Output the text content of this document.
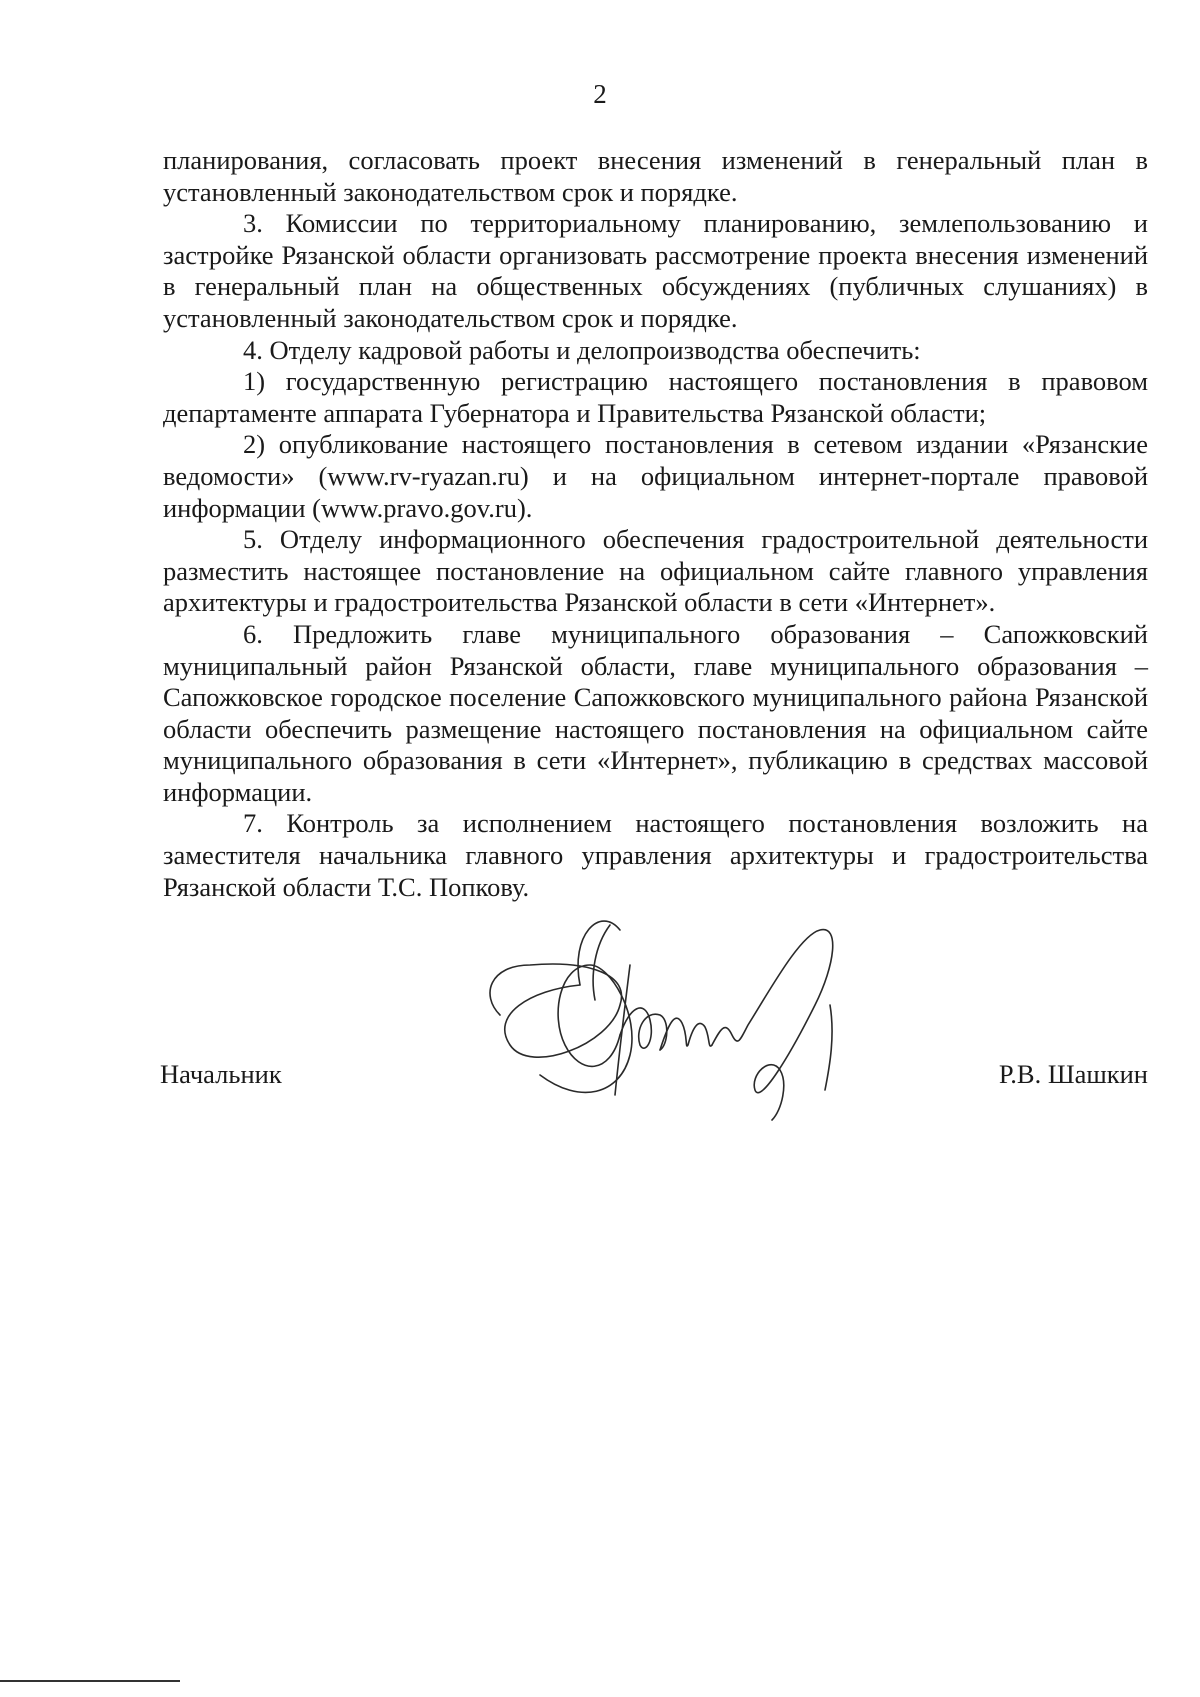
2

планирования, согласовать проект внесения изменений в генеральный план в установленный законодательством срок и порядке.

3. Комиссии по территориальному планированию, землепользованию и застройке Рязанской области организовать рассмотрение проекта внесения изменений в генеральный план на общественных обсуждениях (публичных слушаниях) в установленный законодательством срок и порядке.

4. Отделу кадровой работы и делопроизводства обеспечить:

1) государственную регистрацию настоящего постановления в правовом департаменте аппарата Губернатора и Правительства Рязанской области;

2) опубликование настоящего постановления в сетевом издании «Рязанские ведомости» (www.rv-ryazan.ru) и на официальном интернет-портале правовой информации (www.pravo.gov.ru).

5. Отделу информационного обеспечения градостроительной деятельности разместить настоящее постановление на официальном сайте главного управления архитектуры и градостроительства Рязанской области в сети «Интернет».

6. Предложить главе муниципального образования – Сапожковский муниципальный район Рязанской области, главе муниципального образования – Сапожковское городское поселение Сапожковского муниципального района Рязанской области обеспечить размещение настоящего постановления на официальном сайте муниципального образования в сети «Интернет», публикацию в средствах массовой информации.

7. Контроль за исполнением настоящего постановления возложить на заместителя начальника главного управления архитектуры и градостроительства Рязанской области Т.С. Попкову.

Начальник	Р.В. Шашкин
